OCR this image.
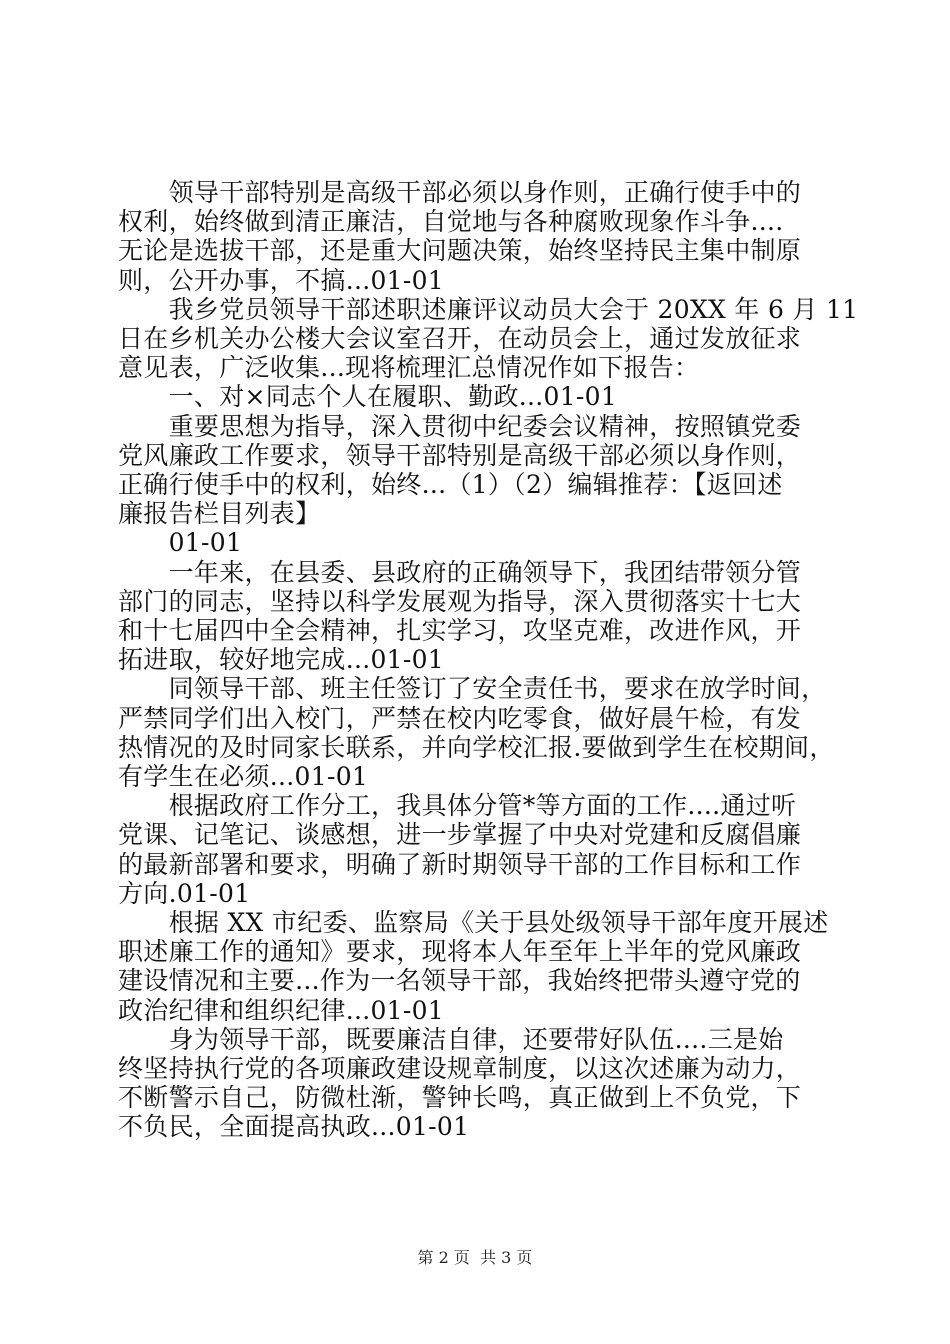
　　领导干部特别是高级干部必须以身作则，正确行使手中的
权利，始终做到清正廉洁，自觉地与各种腐败现象作斗争....
无论是选拔干部，还是重大问题决策，始终坚持民主集中制原
则，公开办事，不搞...01-01
　　我乡党员领导干部述职述廉评议动员大会于 20XX 年 6 月 11
日在乡机关办公楼大会议室召开，在动员会上，通过发放征求
意见表，广泛收集...现将梳理汇总情况作如下报告：
　　一、对×同志个人在履职、勤政...01-01
　　重要思想为指导，深入贯彻中纪委会议精神，按照镇党委
党风廉政工作要求，领导干部特别是高级干部必须以身作则，
正确行使手中的权利，始终...（1）（2）编辑推荐：【返回述
廉报告栏目列表】
　　01-01
　　一年来，在县委、县政府的正确领导下，我团结带领分管
部门的同志，坚持以科学发展观为指导，深入贯彻落实十七大
和十七届四中全会精神，扎实学习，攻坚克难，改进作风，开
拓进取，较好地完成...01-01
　　同领导干部、班主任签订了安全责任书，要求在放学时间，
严禁同学们出入校门，严禁在校内吃零食，做好晨午检，有发
热情况的及时同家长联系，并向学校汇报.要做到学生在校期间，
有学生在必须...01-01
　　根据政府工作分工，我具体分管*等方面的工作....通过听
党课、记笔记、谈感想，进一步掌握了中央对党建和反腐倡廉
的最新部署和要求，明确了新时期领导干部的工作目标和工作
方向.01-01
　　根据 XX 市纪委、监察局《关于县处级领导干部年度开展述
职述廉工作的通知》要求，现将本人年至年上半年的党风廉政
建设情况和主要...作为一名领导干部，我始终把带头遵守党的
政治纪律和组织纪律...01-01
　　身为领导干部，既要廉洁自律，还要带好队伍....三是始
终坚持执行党的各项廉政建设规章制度，以这次述廉为动力，
不断警示自己，防微杜渐，警钟长鸣，真正做到上不负党，下
不负民，全面提高执政...01-01
第 2 页  共 3 页
